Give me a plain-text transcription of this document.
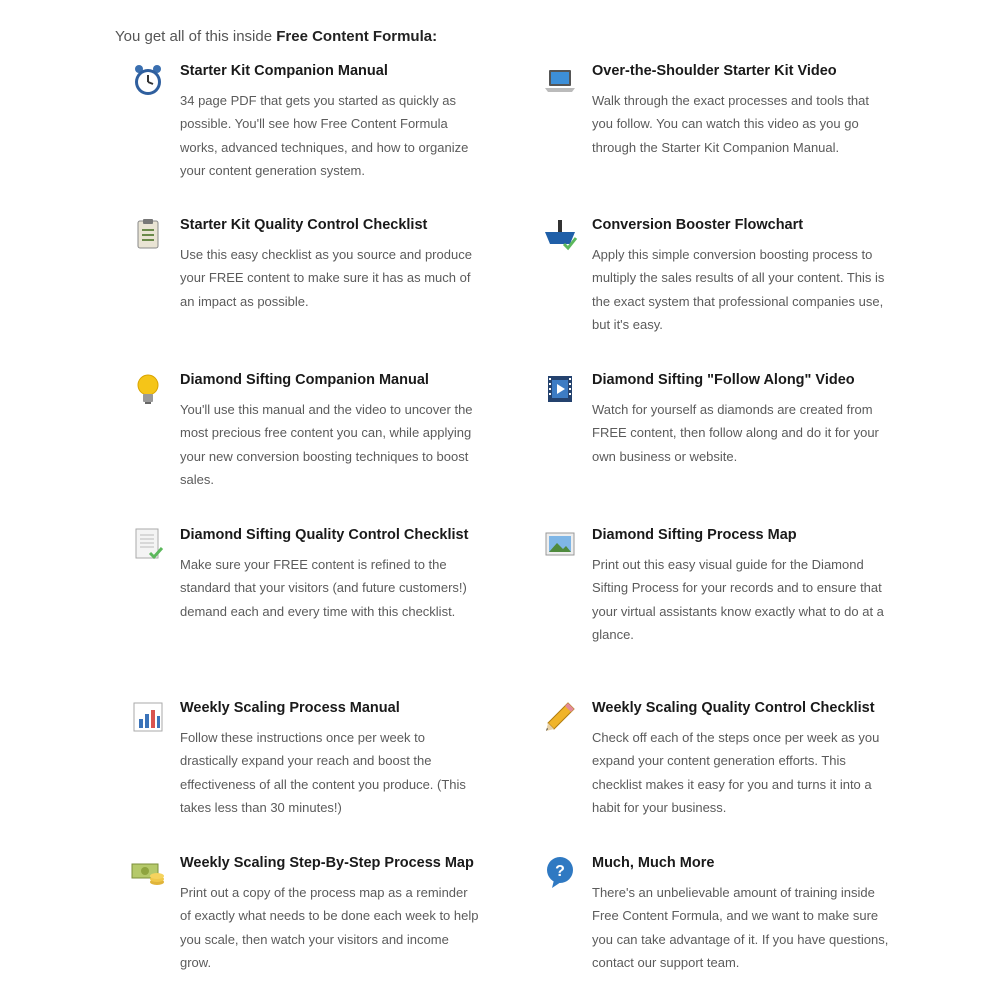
You get all of this inside Free Content Formula:

Starter Kit Companion Manual

34 page PDF that gets you started as quickly as possible. You'll see how Free Content Formula works, advanced techniques, and how to organize your content generation system.

Over-the-Shoulder Starter Kit Video

Walk through the exact processes and tools that you follow. You can watch this video as you go through the Starter Kit Companion Manual.

Starter Kit Quality Control Checklist

Use this easy checklist as you source and produce your FREE content to make sure it has as much of an impact as possible.

Conversion Booster Flowchart

Apply this simple conversion boosting process to multiply the sales results of all your content. This is the exact system that professional companies use, but it's easy.

Diamond Sifting Companion Manual

You'll use this manual and the video to uncover the most precious free content you can, while applying your new conversion boosting techniques to boost sales.

Diamond Sifting "Follow Along" Video

Watch for yourself as diamonds are created from FREE content, then follow along and do it for your own business or website.

Diamond Sifting Quality Control Checklist

Make sure your FREE content is refined to the standard that your visitors (and future customers!) demand each and every time with this checklist.

Diamond Sifting Process Map

Print out this easy visual guide for the Diamond Sifting Process for your records and to ensure that your virtual assistants know exactly what to do at a glance.

Weekly Scaling Process Manual

Follow these instructions once per week to drastically expand your reach and boost the effectiveness of all the content you produce. (This takes less than 30 minutes!)

Weekly Scaling Quality Control Checklist

Check off each of the steps once per week as you expand your content generation efforts. This checklist makes it easy for you and turns it into a habit for your business.

Weekly Scaling Step-By-Step Process Map

Print out a copy of the process map as a reminder of exactly what needs to be done each week to help you scale, then watch your visitors and income grow.

? Much, Much More

There's an unbelievable amount of training inside Free Content Formula, and we want to make sure you can take advantage of it. If you have questions, contact our support team.
